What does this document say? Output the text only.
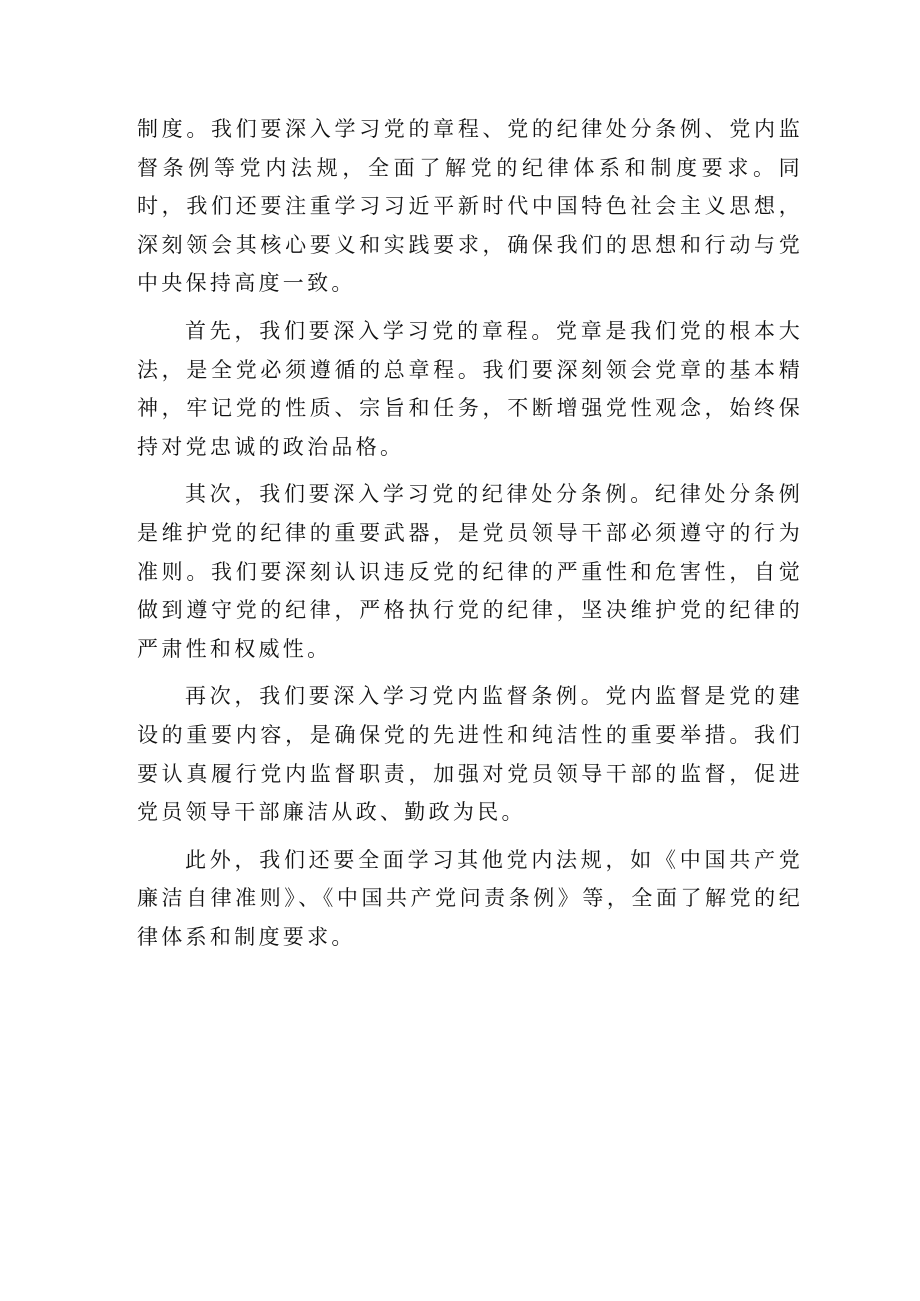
制度。我们要深入学习党的章程、党的纪律处分条例、党内监督条例等党内法规，全面了解党的纪律体系和制度要求。同时，我们还要注重学习习近平新时代中国特色社会主义思想，深刻领会其核心要义和实践要求，确保我们的思想和行动与党中央保持高度一致。

首先，我们要深入学习党的章程。党章是我们党的根本大法，是全党必须遵循的总章程。我们要深刻领会党章的基本精神，牢记党的性质、宗旨和任务，不断增强党性观念，始终保持对党忠诚的政治品格。

其次，我们要深入学习党的纪律处分条例。纪律处分条例是维护党的纪律的重要武器，是党员领导干部必须遵守的行为准则。我们要深刻认识违反党的纪律的严重性和危害性，自觉做到遵守党的纪律，严格执行党的纪律，坚决维护党的纪律的严肃性和权威性。

再次，我们要深入学习党内监督条例。党内监督是党的建设的重要内容，是确保党的先进性和纯洁性的重要举措。我们要认真履行党内监督职责，加强对党员领导干部的监督，促进党员领导干部廉洁从政、勤政为民。

此外，我们还要全面学习其他党内法规，如《中国共产党廉洁自律准则》、《中国共产党问责条例》等，全面了解党的纪律体系和制度要求。
